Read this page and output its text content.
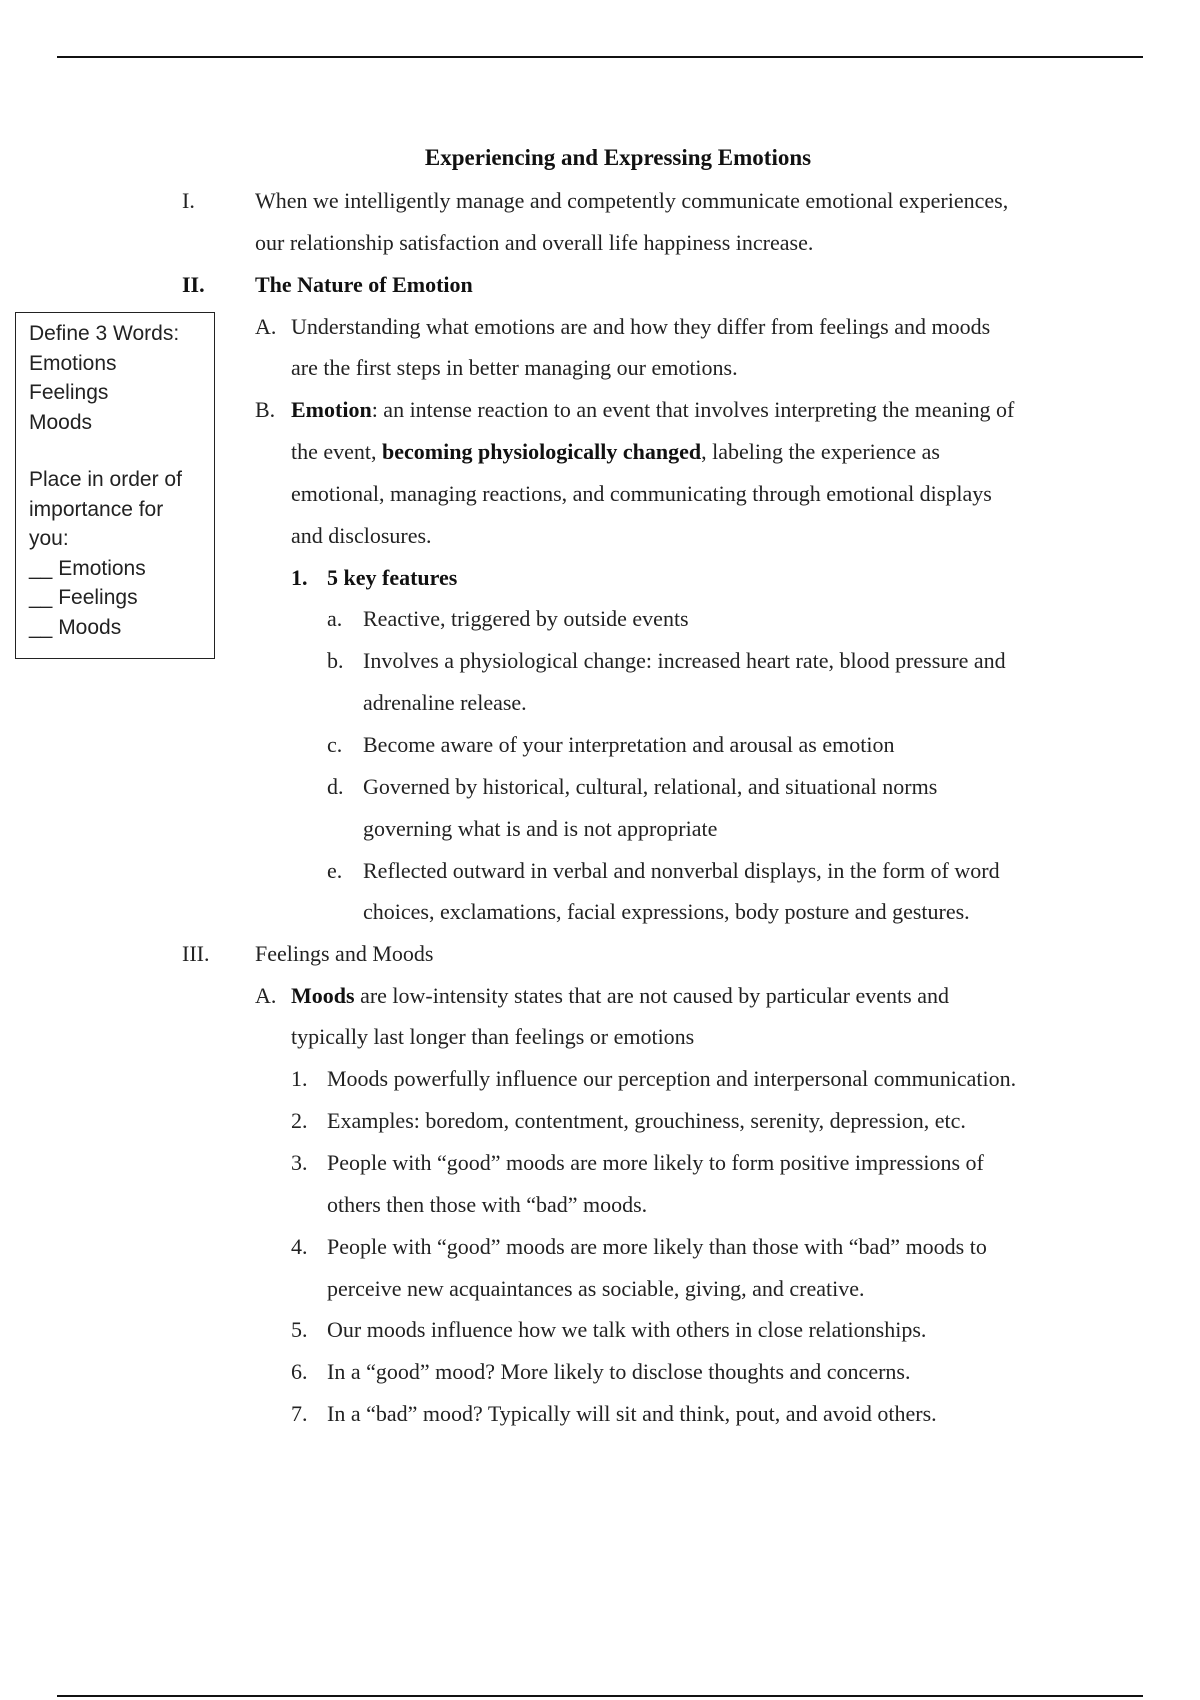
Experiencing and Expressing Emotions
Define 3 Words:
Emotions
Feelings
Moods
Place in order of
importance for
you:
__ Emotions
__ Feelings
__ Moods
I.	When we intelligently manage and competently communicate emotional experiences,
our relationship satisfaction and overall life happiness increase.
II. The Nature of Emotion
A. Understanding what emotions are and how they differ from feelings and moods
are the first steps in better managing our emotions.
B. Emotion: an intense reaction to an event that involves interpreting the meaning of
the event, becoming physiologically changed, labeling the experience as
emotional, managing reactions, and communicating through emotional displays
and disclosures.
1. 5 key features
a. Reactive, triggered by outside events
b. Involves a physiological change: increased heart rate, blood pressure and
adrenaline release.
c. Become aware of your interpretation and arousal as emotion
d. Governed by historical, cultural, relational, and situational norms
governing what is and is not appropriate
e. Reflected outward in verbal and nonverbal displays, in the form of word
choices, exclamations, facial expressions, body posture and gestures.
III. Feelings and Moods
A. Moods are low-intensity states that are not caused by particular events and
typically last longer than feelings or emotions
1. Moods powerfully influence our perception and interpersonal communication.
2. Examples: boredom, contentment, grouchiness, serenity, depression, etc.
3. People with “good” moods are more likely to form positive impressions of
others then those with “bad” moods.
4. People with “good” moods are more likely than those with “bad” moods to
perceive new acquaintances as sociable, giving, and creative.
5. Our moods influence how we talk with others in close relationships.
6. In a “good” mood? More likely to disclose thoughts and concerns.
7. In a “bad” mood? Typically will sit and think, pout, and avoid others.
